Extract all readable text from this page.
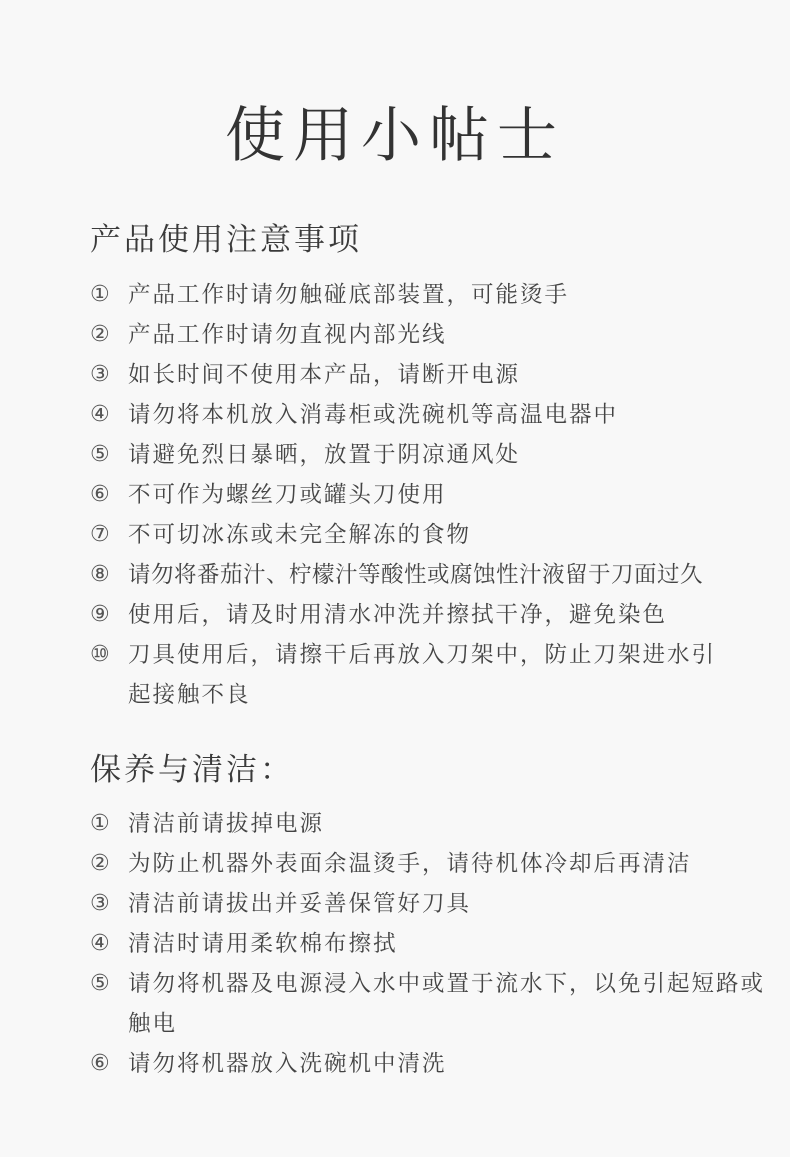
使用小帖士
产品使用注意事项
① 产品工作时请勿触碰底部装置，可能烫手
② 产品工作时请勿直视内部光线
③ 如长时间不使用本产品，请断开电源
④ 请勿将本机放入消毒柜或洗碗机等高温电器中
⑤ 请避免烈日暴晒，放置于阴凉通风处
⑥ 不可作为螺丝刀或罐头刀使用
⑦ 不可切冰冻或未完全解冻的食物
⑧ 请勿将番茄汁、柠檬汁等酸性或腐蚀性汁液留于刀面过久
⑨ 使用后，请及时用清水冲洗并擦拭干净，避免染色
⑩ 刀具使用后，请擦干后再放入刀架中，防止刀架进水引起接触不良
保养与清洁：
① 清洁前请拔掉电源
② 为防止机器外表面余温烫手，请待机体冷却后再清洁
③ 清洁前请拔出并妥善保管好刀具
④ 清洁时请用柔软棉布擦拭
⑤ 请勿将机器及电源浸入水中或置于流水下，以免引起短路或触电
⑥ 请勿将机器放入洗碗机中清洗
